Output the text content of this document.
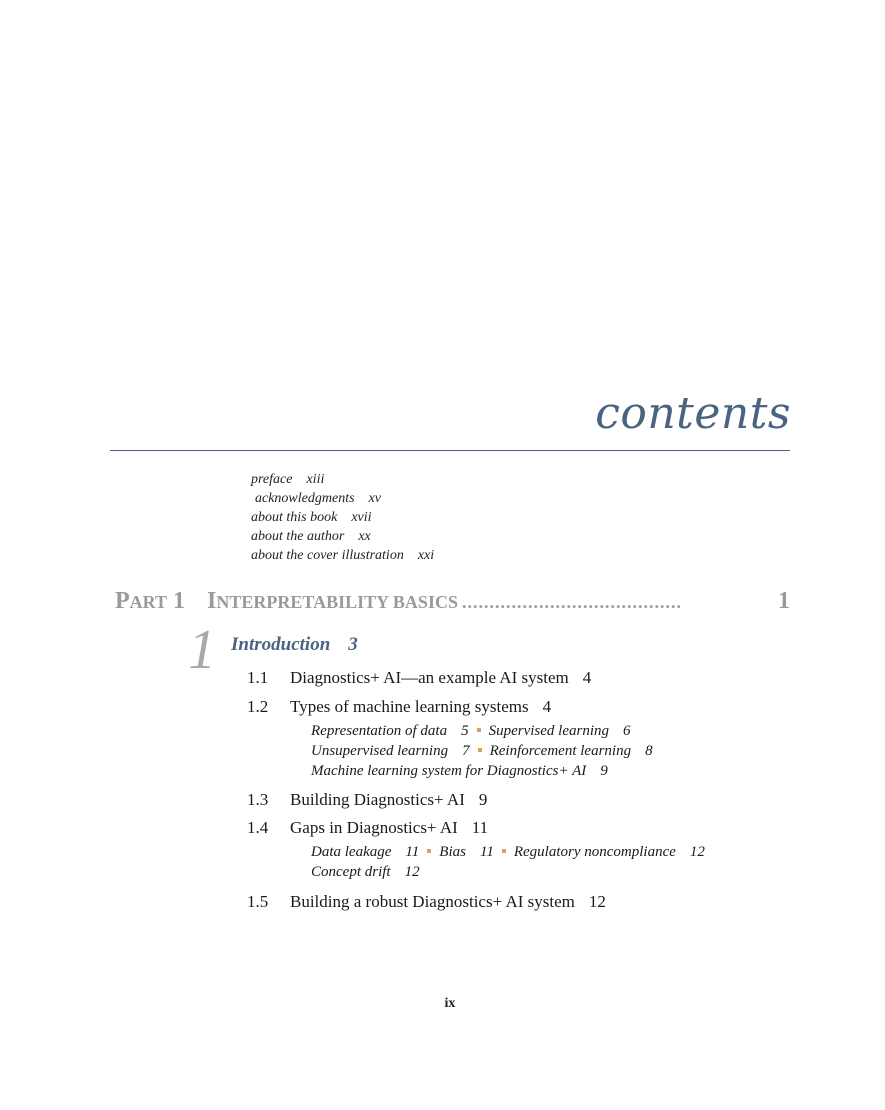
contents
preface xiii
acknowledgments xv
about this book xvii
about the author xx
about the cover illustration xxi
P ART 1 I NTERPRETABILITY BASICS ........................................	1
1 Introduction 3
1.1 Diagnostics+ AI—an example AI system 4
1.2 Types of machine learning systems 4
Representation of data 5 Supervised learning 6
Unsupervised learning 7 Reinforcement learning 8
Machine learning system for Diagnostics+ AI 9
1.3 Building Diagnostics+ AI 9
1.4 Gaps in Diagnostics+ AI 11
Data leakage 11 Bias 11 Regulatory noncompliance 12
Concept drift 12
1.5 Building a robust Diagnostics+ AI system 12
ix
